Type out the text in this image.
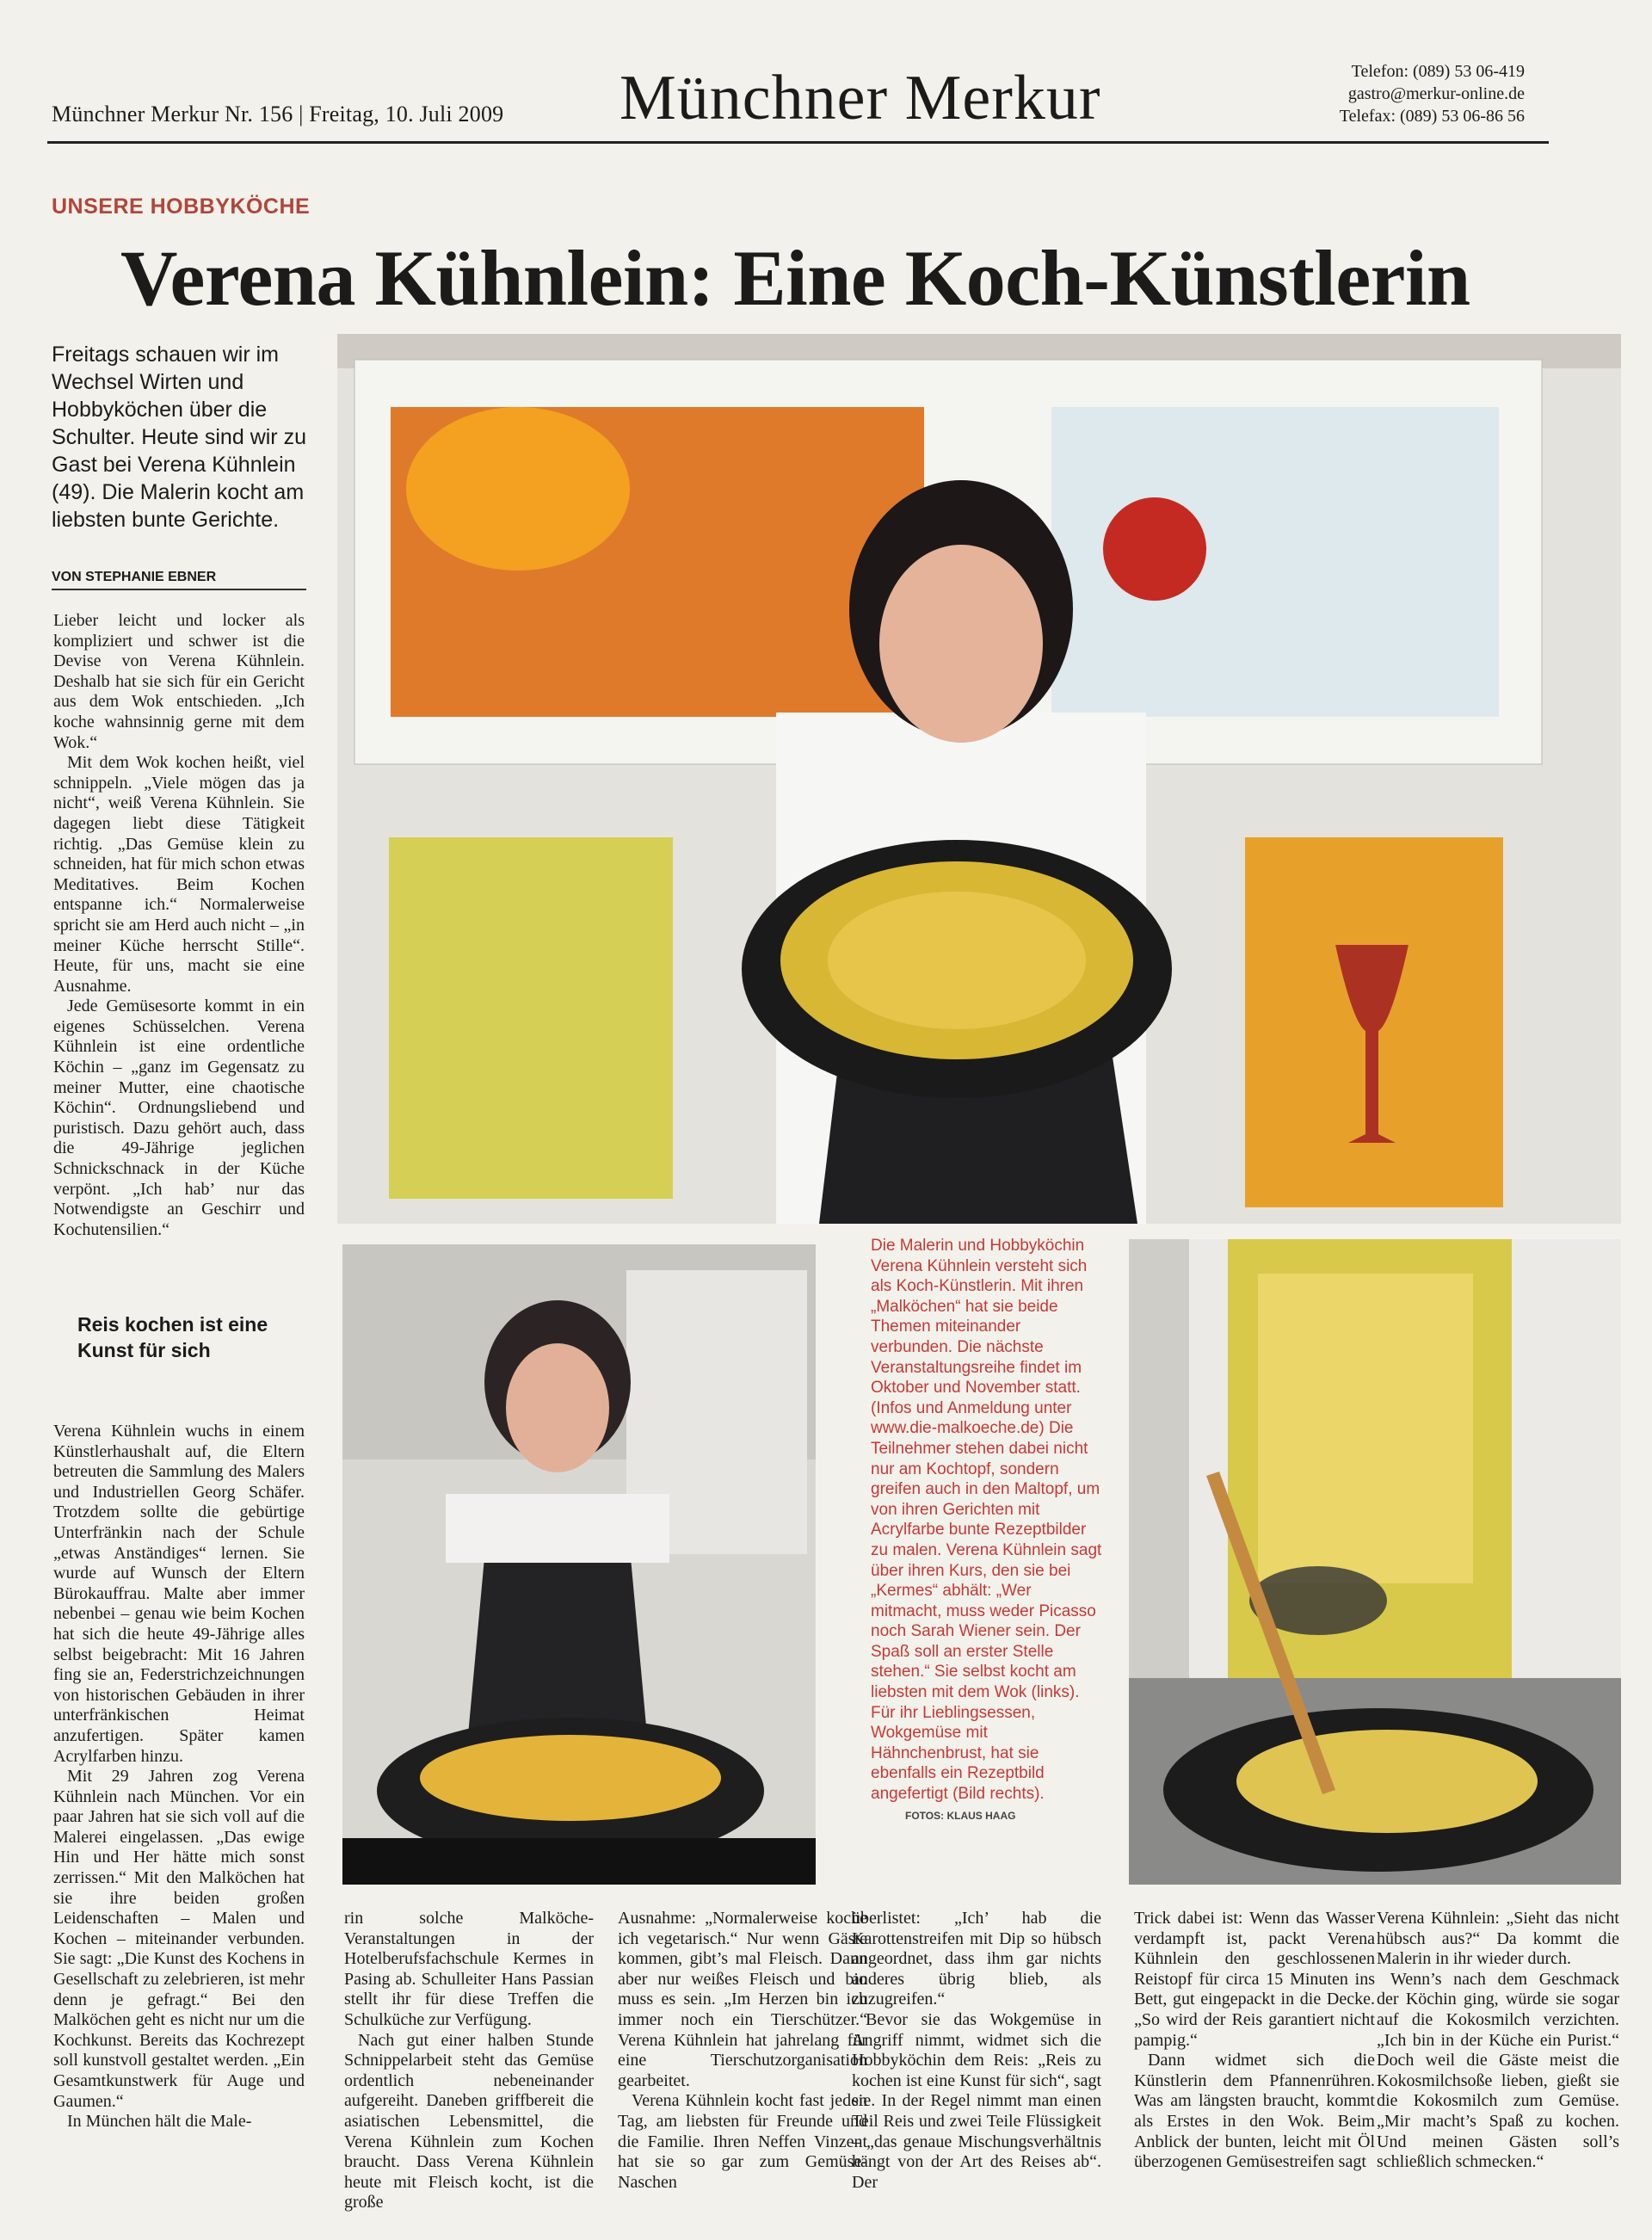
Münchner Merkur Nr. 156 | Freitag, 10. Juli 2009 Münchner Merkur	Telefon: (089) 53 06-419
gastro@merkur-online.de
Telefax: (089) 53 06-86 56
UNSERE HOBBYKÖCHE
Verena Kühnlein: Eine Koch-Künstlerin
Freitags schauen wir im Wechsel Wirten und Hobbyköchen über die Schulter. Heute sind wir zu Gast bei Verena Kühnlein (49). Die Malerin kocht am liebsten bunte Gerichte.
VON STEPHANIE EBNER

Lieber leicht und locker als kompliziert und schwer ist die Devise von Verena Kühnlein. Deshalb hat sie sich für ein Gericht aus dem Wok entschieden. „Ich koche wahnsinnig gerne mit dem Wok.“

Mit dem Wok kochen heißt, viel schnippeln. „Viele mögen das ja nicht“, weiß Verena Kühnlein. Sie dagegen liebt diese Tätigkeit richtig. „Das Gemüse klein zu schneiden, hat für mich schon etwas Meditatives. Beim Kochen entspanne ich.“ Normalerweise spricht sie am Herd auch nicht – „in meiner Küche herrscht Stille“. Heute, für uns, macht sie eine Ausnahme.

Jede Gemüsesorte kommt in ein eigenes Schüsselchen. Verena Kühnlein ist eine ordentliche Köchin – „ganz im Gegensatz zu meiner Mutter, eine chaotische Köchin“. Ordnungsliebend und puristisch. Dazu gehört auch, dass die 49-Jährige jeglichen Schnickschnack in der Küche verpönt. „Ich hab’ nur das Notwendigste an Geschirr und Kochutensilien.“

Reis kochen ist eine Kunst für sich

Verena Kühnlein wuchs in einem Künstlerhaushalt auf, die Eltern betreuten die Sammlung des Malers und Industriellen Georg Schäfer. Trotzdem sollte die gebürtige Unterfränkin nach der Schule „etwas Anständiges“ lernen. Sie wurde auf Wunsch der Eltern Bürokauffrau. Malte aber immer nebenbei – genau wie beim Kochen hat sich die heute 49-Jährige alles selbst beigebracht: Mit 16 Jahren fing sie an, Federstrichzeichnungen von historischen Gebäuden in ihrer unterfränkischen Heimat anzufertigen. Später kamen Acrylfarben hinzu.

Mit 29 Jahren zog Verena Kühnlein nach München. Vor ein paar Jahren hat sie sich voll auf die Malerei eingelassen. „Das ewige Hin und Her hätte mich sonst zerrissen.“ Mit den Malköchen hat sie ihre beiden großen Leidenschaften – Malen und Kochen – miteinander verbunden. Sie sagt: „Die Kunst des Kochens in Gesellschaft zu zelebrieren, ist mehr denn je gefragt.“ Bei den Malköchen geht es nicht nur um die Kochkunst. Bereits das Kochrezept soll kunstvoll gestaltet werden. „Ein Gesamtkunstwerk für Auge und Gaumen.“

In München hält die Male-

rin solche Malköche-Veranstaltungen in der Hotelberufsfachschule Kermes in Pasing ab. Schulleiter Hans Passian stellt ihr für diese Treffen die Schulküche zur Verfügung.

Nach gut einer halben Stunde Schnippelarbeit steht das Gemüse ordentlich nebeneinander aufgereiht. Daneben griffbereit die asiatischen Lebensmittel, die Verena Kühnlein zum Kochen braucht. Dass Verena Kühnlein heute mit Fleisch kocht, ist die große

Ausnahme: „Normalerweise koche ich vegetarisch.“ Nur wenn Gäste kommen, gibt’s mal Fleisch. Dann aber nur weißes Fleisch und bio muss es sein. „Im Herzen bin ich immer noch ein Tierschützer.“ Verena Kühnlein hat jahrelang für eine Tierschutzorganisation gearbeitet.

Verena Kühnlein kocht fast jeden Tag, am liebsten für Freunde und die Familie. Ihren Neffen Vinzent hat sie so gar zum Gemüse-Naschen

überlistet: „Ich’ hab die Karottenstreifen mit Dip so hübsch angeordnet, dass ihm gar nichts anderes übrig blieb, als zuzugreifen.“

Bevor sie das Wokgemüse in Angriff nimmt, widmet sich die Hobbyköchin dem Reis: „Reis zu kochen ist eine Kunst für sich“, sagt sie. In der Regel nimmt man einen Teil Reis und zwei Teile Flüssigkeit – „das genaue Mischungsverhältnis hängt von der Art des Reises ab“. Der

Trick dabei ist: Wenn das Wasser verdampft ist, packt Verena Kühnlein den geschlossenen Reistopf für circa 15 Minuten ins Bett, gut eingepackt in die Decke. „So wird der Reis garantiert nicht pampig.“

Dann widmet sich die Künstlerin dem Pfannenrühren. Was am längsten braucht, kommt als Erstes in den Wok. Beim Anblick der bunten, leicht mit Öl überzogenen Gemüsestreifen sagt

Verena Kühnlein: „Sieht das nicht hübsch aus?“ Da kommt die Malerin in ihr wieder durch.

Wenn’s nach dem Geschmack der Köchin ging, würde sie sogar auf die Kokosmilch verzichten. „Ich bin in der Küche ein Purist.“ Doch weil die Gäste meist die Kokosmilchsoße lieben, gießt sie die Kokosmilch zum Gemüse. „Mir macht’s Spaß zu kochen. Und meinen Gästen soll’s schließlich schmecken.“

Die Malerin und Hobbyköchin Verena Kühnlein versteht sich als Koch-Künstlerin. Mit ihren „Malköchen“ hat sie beide Themen miteinander verbunden. Die nächste Veranstaltungsreihe findet im Oktober und November statt. (Infos und Anmeldung unter www.die-malkoeche.de) Die Teilnehmer stehen dabei nicht nur am Kochtopf, sondern greifen auch in den Maltopf, um von ihren Gerichten mit Acrylfarbe bunte Rezeptbilder zu malen. Verena Kühnlein sagt über ihren Kurs, den sie bei „Kermes“ abhält: „Wer mitmacht, muss weder Picasso noch Sarah Wiener sein. Der Spaß soll an erster Stelle stehen.“ Sie selbst kocht am liebsten mit dem Wok (links). Für ihr Lieblingsessen, Wokgemüse mit Hähnchenbrust, hat sie ebenfalls ein Rezeptbild angefertigt (Bild rechts). FOTOS: KLAUS HAAG
